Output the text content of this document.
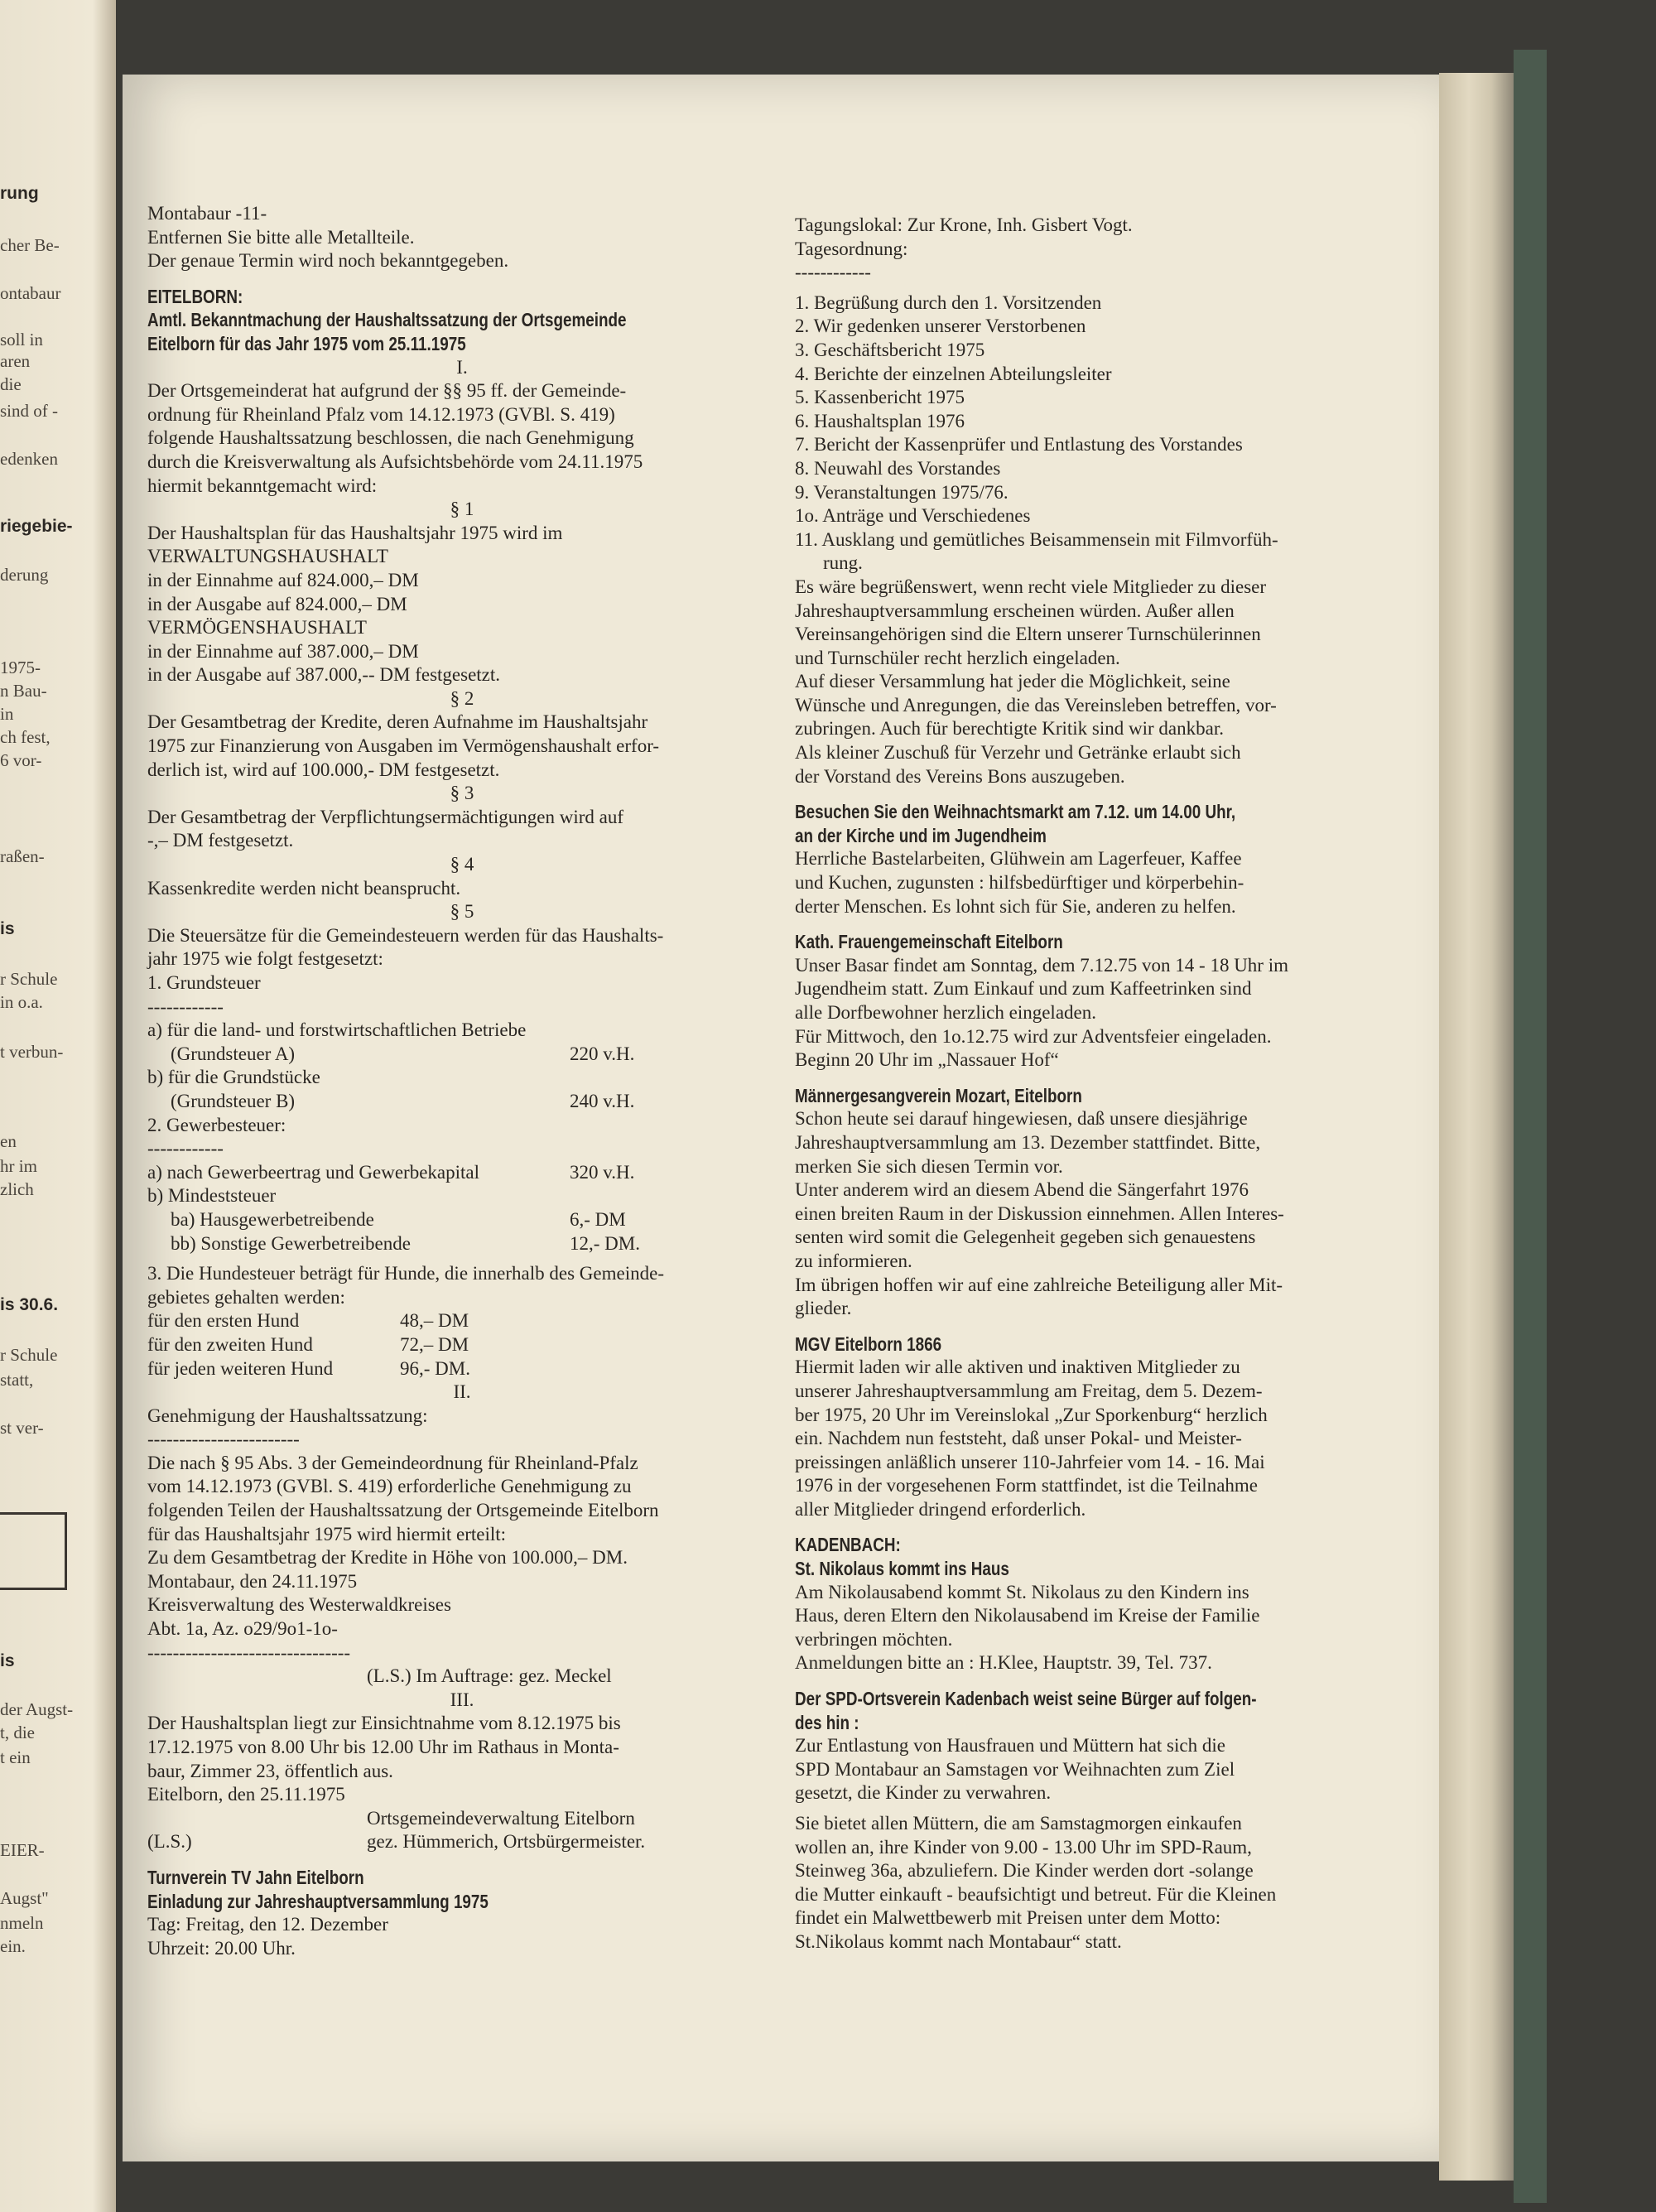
rung
cher Be-
ontabaur
soll in
aren
die
sind of -
edenken
riegebie-
derung
1975-
n Bau-
in
ch fest,
6 vor-
raßen-
is
r Schule
in o.a.
t verbun-
en
hr im
zlich
is 30.6.
r Schule
statt,
st ver-
is
der Augst-
t, die
t ein
EIER-
Augst"
nmeln
ein.
Montabaur -11-
Entfernen Sie bitte alle Metallteile.
Der genaue Termin wird noch bekanntgegeben.
EITELBORN:
Amtl. Bekanntmachung der Haushaltssatzung der Ortsgemeinde
Eitelborn für das Jahr 1975 vom 25.11.1975
I.
Der Ortsgemeinderat hat aufgrund der §§ 95 ff. der Gemeinde-
ordnung für Rheinland Pfalz vom 14.12.1973 (GVBl. S. 419)
folgende Haushaltssatzung beschlossen, die nach Genehmigung
durch die Kreisverwaltung als Aufsichtsbehörde vom 24.11.1975
hiermit bekanntgemacht wird:
§ 1
Der Haushaltsplan für das Haushaltsjahr 1975 wird im
VERWALTUNGSHAUSHALT
in der Einnahme auf 824.000,– DM
in der Ausgabe auf 824.000,– DM
VERMÖGENSHAUSHALT
in der Einnahme auf 387.000,– DM
in der Ausgabe auf 387.000,-- DM festgesetzt.
§ 2
Der Gesamtbetrag der Kredite, deren Aufnahme im Haushaltsjahr
1975 zur Finanzierung von Ausgaben im Vermögenshaushalt erfor-
derlich ist, wird auf 100.000,- DM festgesetzt.
§ 3
Der Gesamtbetrag der Verpflichtungsermächtigungen wird auf
-,– DM festgesetzt.
§ 4
Kassenkredite werden nicht beansprucht.
§ 5
Die Steuersätze für die Gemeindesteuern werden für das Haushalts-
jahr 1975 wie folgt festgesetzt:
1. Grundsteuer
------------
a) für die land- und forstwirtschaftlichen Betriebe
(Grundsteuer A)	220 v.H.
b) für die Grundstücke
(Grundsteuer B)	240 v.H.
2. Gewerbesteuer:
------------
a) nach Gewerbeertrag und Gewerbekapital	320 v.H.
b) Mindeststeuer
ba) Hausgewerbetreibende	6,- DM
bb) Sonstige Gewerbetreibende	12,- DM.
3. Die Hundesteuer beträgt für Hunde, die innerhalb des Gemeinde-
gebietes gehalten werden:
für den ersten Hund	48,– DM
für den zweiten Hund	72,– DM
für jeden weiteren Hund	96,- DM.
II.
Genehmigung der Haushaltssatzung:
------------------------
Die nach § 95 Abs. 3 der Gemeindeordnung für Rheinland-Pfalz
vom 14.12.1973 (GVBl. S. 419) erforderliche Genehmigung zu
folgenden Teilen der Haushaltssatzung der Ortsgemeinde Eitelborn
für das Haushaltsjahr 1975 wird hiermit erteilt:
Zu dem Gesamtbetrag der Kredite in Höhe von 100.000,– DM.
Montabaur, den 24.11.1975
Kreisverwaltung des Westerwaldkreises
Abt. 1a, Az. o29/9o1-1o-
--------------------------------
(L.S.) Im Auftrage: gez. Meckel
III.
Der Haushaltsplan liegt zur Einsichtnahme vom 8.12.1975 bis
17.12.1975 von 8.00 Uhr bis 12.00 Uhr im Rathaus in Monta-
baur, Zimmer 23, öffentlich aus.
Eitelborn, den 25.11.1975
Ortsgemeindeverwaltung Eitelborn
(L.S.)	gez. Hümmerich, Ortsbürgermeister.
Turnverein TV Jahn Eitelborn
Einladung zur Jahreshauptversammlung 1975
Tag: Freitag, den 12. Dezember
Uhrzeit: 20.00 Uhr.
Tagungslokal: Zur Krone, Inh. Gisbert Vogt.
Tagesordnung:
------------
1. Begrüßung durch den 1. Vorsitzenden
2. Wir gedenken unserer Verstorbenen
3. Geschäftsbericht 1975
4. Berichte der einzelnen Abteilungsleiter
5. Kassenbericht 1975
6. Haushaltsplan 1976
7. Bericht der Kassenprüfer und Entlastung des Vorstandes
8. Neuwahl des Vorstandes
9. Veranstaltungen 1975/76.
1o. Anträge und Verschiedenes
11. Ausklang und gemütliches Beisammensein mit Filmvorfüh-
rung.
Es wäre begrüßenswert, wenn recht viele Mitglieder zu dieser
Jahreshauptversammlung erscheinen würden. Außer allen
Vereinsangehörigen sind die Eltern unserer Turnschülerinnen
und Turnschüler recht herzlich eingeladen.
Auf dieser Versammlung hat jeder die Möglichkeit, seine
Wünsche und Anregungen, die das Vereinsleben betreffen, vor-
zubringen. Auch für berechtigte Kritik sind wir dankbar.
Als kleiner Zuschuß für Verzehr und Getränke erlaubt sich
der Vorstand des Vereins Bons auszugeben.
Besuchen Sie den Weihnachtsmarkt am 7.12. um 14.00 Uhr,
an der Kirche und im Jugendheim
Herrliche Bastelarbeiten, Glühwein am Lagerfeuer, Kaffee
und Kuchen, zugunsten : hilfsbedürftiger und körperbehin-
derter Menschen. Es lohnt sich für Sie, anderen zu helfen.
Kath. Frauengemeinschaft Eitelborn
Unser Basar findet am Sonntag, dem 7.12.75 von 14 - 18 Uhr im
Jugendheim statt. Zum Einkauf und zum Kaffeetrinken sind
alle Dorfbewohner herzlich eingeladen.
Für Mittwoch, den 1o.12.75 wird zur Adventsfeier eingeladen.
Beginn 20 Uhr im „Nassauer Hof“
Männergesangverein Mozart, Eitelborn
Schon heute sei darauf hingewiesen, daß unsere diesjährige
Jahreshauptversammlung am 13. Dezember stattfindet. Bitte,
merken Sie sich diesen Termin vor.
Unter anderem wird an diesem Abend die Sängerfahrt 1976
einen breiten Raum in der Diskussion einnehmen. Allen Interes-
senten wird somit die Gelegenheit gegeben sich genauestens
zu informieren.
Im übrigen hoffen wir auf eine zahlreiche Beteiligung aller Mit-
glieder.
MGV Eitelborn 1866
Hiermit laden wir alle aktiven und inaktiven Mitglieder zu
unserer Jahreshauptversammlung am Freitag, dem 5. Dezem-
ber 1975, 20 Uhr im Vereinslokal „Zur Sporkenburg“ herzlich
ein. Nachdem nun feststeht, daß unser Pokal- und Meister-
preissingen anläßlich unserer 110-Jahrfeier vom 14. - 16. Mai
1976 in der vorgesehenen Form stattfindet, ist die Teilnahme
aller Mitglieder dringend erforderlich.
KADENBACH:
St. Nikolaus kommt ins Haus
Am Nikolausabend kommt St. Nikolaus zu den Kindern ins
Haus, deren Eltern den Nikolausabend im Kreise der Familie
verbringen möchten.
Anmeldungen bitte an : H.Klee, Hauptstr. 39, Tel. 737.
Der SPD-Ortsverein Kadenbach weist seine Bürger auf folgen-
des hin :
Zur Entlastung von Hausfrauen und Müttern hat sich die
SPD Montabaur an Samstagen vor Weihnachten zum Ziel
gesetzt, die Kinder zu verwahren.
Sie bietet allen Müttern, die am Samstagmorgen einkaufen
wollen an, ihre Kinder von 9.00 - 13.00 Uhr im SPD-Raum,
Steinweg 36a, abzuliefern. Die Kinder werden dort -solange
die Mutter einkauft - beaufsichtigt und betreut. Für die Kleinen
findet ein Malwettbewerb mit Preisen unter dem Motto:
St.Nikolaus kommt nach Montabaur“ statt.
